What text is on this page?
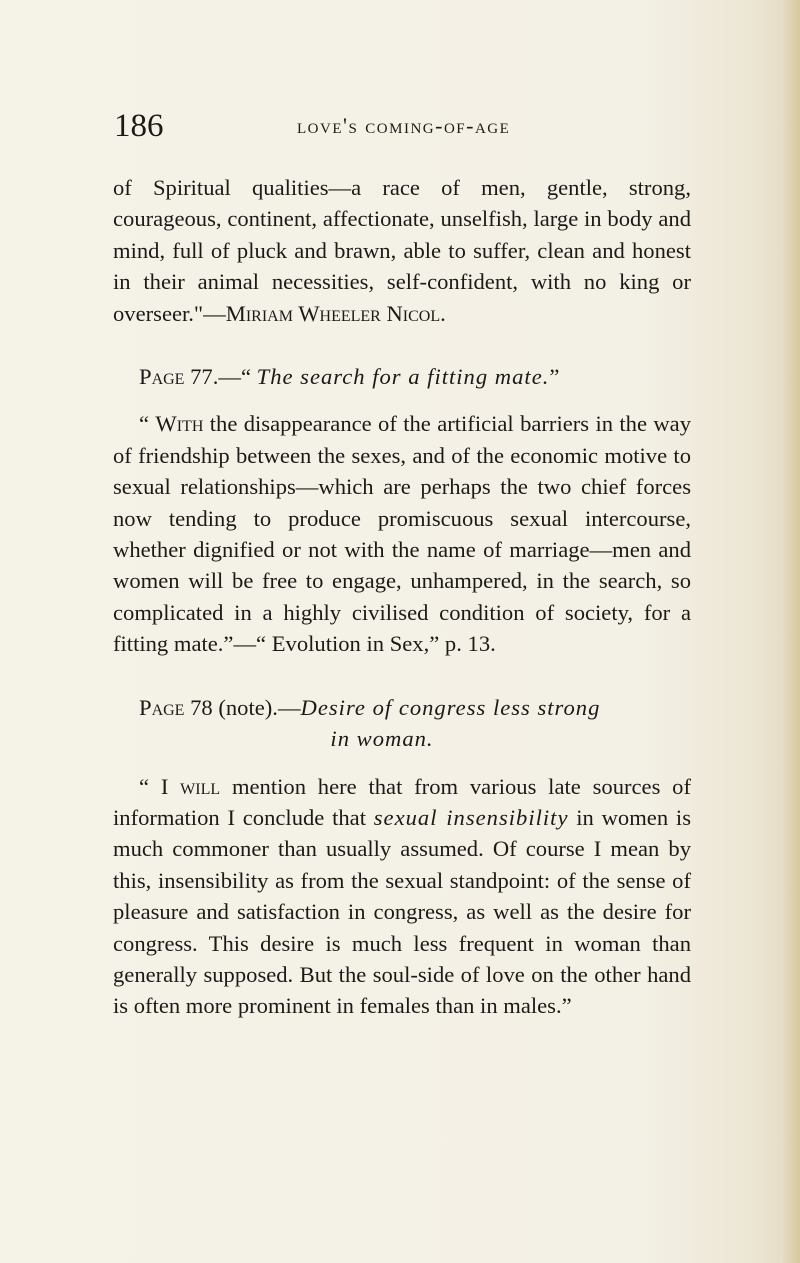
186	love's coming-of-age

of Spiritual qualities—a race of men, gentle, strong, courageous, continent, affectionate, unselfish, large in body and mind, full of pluck and brawn, able to suffer, clean and honest in their animal necessities, self-confident, with no king or overseer."—Miriam Wheeler Nicol.

Page 77.—“ The search for a fitting mate.”

“ With the disappearance of the artificial barriers in the way of friendship between the sexes, and of the economic motive to sexual relationships—which are perhaps the two chief forces now tending to produce promiscuous sexual intercourse, whether dignified or not with the name of marriage—men and women will be free to engage, unhampered, in the search, so complicated in a highly civilised condition of society, for a fitting mate.”—“ Evolution in Sex,” p. 13.

Page 78 (note).—Desire of congress less strong

in woman.

“ I will mention here that from various late sources of information I conclude that sexual insensibility in women is much commoner than usually assumed. Of course I mean by this, insensibility as from the sexual standpoint: of the sense of pleasure and satisfaction in congress, as well as the desire for congress. This desire is much less frequent in woman than generally supposed. But the soul-side of love on the other hand is often more prominent in females than in males.”
